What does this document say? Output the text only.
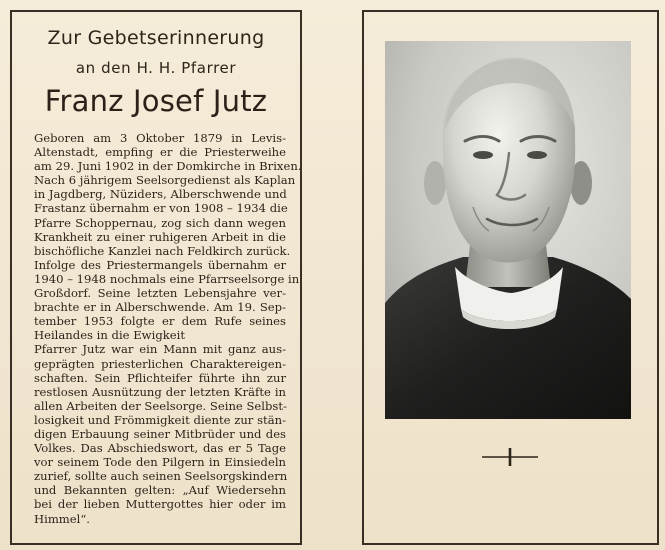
Zur Gebetserinnerung
an den H. H. Pfarrer
Franz Josef Jutz
Geboren am 3 Oktober 1879 in Levis-
Altenstadt, empfing er die Priesterweihe
am 29. Juni 1902 in der Domkirche in Brixen.
Nach 6 jährigem Seelsorgedienst als Kaplan
in Jagdberg, Nüziders, Alberschwende und
Frastanz übernahm er von 1908 – 1934 die
Pfarre Schoppernau, zog sich dann wegen
Krankheit zu einer ruhigeren Arbeit in die
bischöfliche Kanzlei nach Feldkirch zurück.
Infolge des Priestermangels übernahm er
1940 – 1948 nochmals eine Pfarrseelsorge in
Großdorf. Seine letzten Lebensjahre ver-
brachte er in Alberschwende. Am 19. Sep-
tember 1953 folgte er dem Rufe seines
Heilandes in die Ewigkeit
Pfarrer Jutz war ein Mann mit ganz aus-
geprägten priesterlichen Charaktereigen-
schaften. Sein Pflichteifer führte ihn zur
restlosen Ausnützung der letzten Kräfte in
allen Arbeiten der Seelsorge. Seine Selbst-
losigkeit und Frömmigkeit diente zur stän-
digen Erbauung seiner Mitbrüder und des
Volkes. Das Abschiedswort, das er 5 Tage
vor seinem Tode den Pilgern in Einsiedeln
zurief, sollte auch seinen Seelsorgskindern
und Bekannten gelten: „Auf Wiedersehn
bei der lieben Muttergottes hier oder im
Himmel“.
